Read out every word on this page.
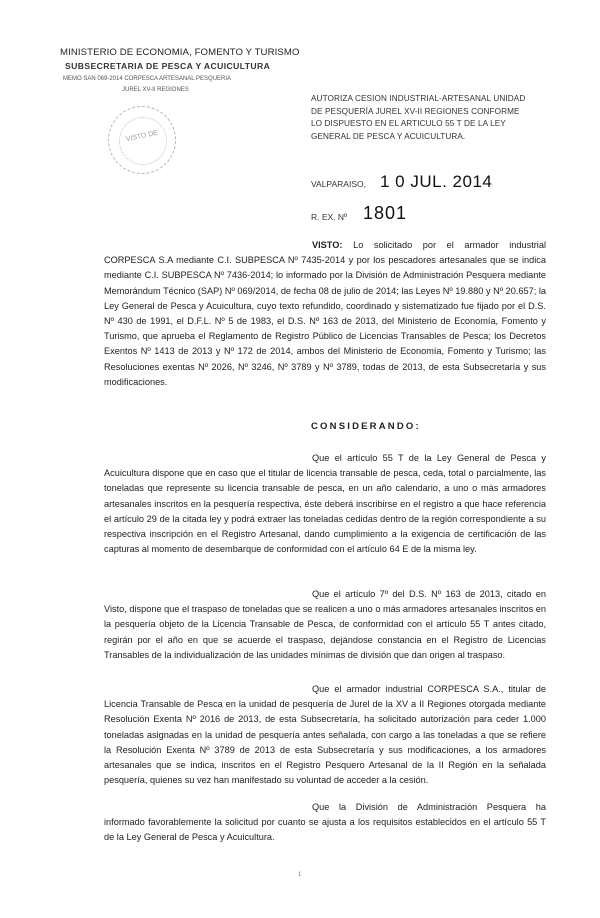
MINISTERIO DE ECONOMIA, FOMENTO Y TURISMO
SUBSECRETARIA DE PESCA Y ACUICULTURA
MEMO SAN 069-2014 CORPESCA ARTESANAL PESQUERIA
JUREL XV-II REGIONES
VISTO DE
AUTORIZA CESION INDUSTRIAL-ARTESANAL UNIDAD DE PESQUERÍA JUREL XV-II REGIONES CONFORME LO DISPUESTO EN EL ARTICULO 55 T DE LA LEY GENERAL DE PESCA Y ACUICULTURA.
VALPARAISO, 1 0 JUL. 2014
R. EX. Nº 1801
VISTO: Lo solicitado por el armador industrial CORPESCA S.A mediante C.I. SUBPESCA Nº 7435-2014 y por los pescadores artesanales que se indica mediante C.I. SUBPESCA Nº 7436-2014; lo informado por la División de Administración Pesquera mediante Memorándum Técnico (SAP) Nº 069/2014, de fecha 08 de julio de 2014; las Leyes Nº 19.880 y Nº 20.657; la Ley General de Pesca y Acuicultura, cuyo texto refundido, coordinado y sistematizado fue fijado por el D.S. Nº 430 de 1991, el D.F.L. Nº 5 de 1983, el D.S. Nº 163 de 2013, del Ministerio de Economía, Fomento y Turismo, que aprueba el Reglamento de Registro Público de Licencias Transables de Pesca; los Decretos Exentos Nº 1413 de 2013 y Nº 172 de 2014, ambos del Ministerio de Economía, Fomento y Turismo; las Resoluciones exentas Nº 2026, Nº 3246, Nº 3789 y Nº 3789, todas de 2013, de esta Subsecretaría y sus modificaciones.
CONSIDERANDO:
Que el artículo 55 T de la Ley General de Pesca y Acuicultura dispone que en caso que el titular de licencia transable de pesca, ceda, total o parcialmente, las toneladas que represente su licencia transable de pesca, en un año calendario, a uno o más armadores artesanales inscritos en la pesquería respectiva, éste deberá inscribirse en el registro a que hace referencia el artículo 29 de la citada ley y podrá extraer las toneladas cedidas dentro de la región correspondiente a su respectiva inscripción en el Registro Artesanal, dando cumplimiento a la exigencia de certificación de las capturas al momento de desembarque de conformidad con el artículo 64 E de la misma ley.
Que el artículo 7º del D.S. Nº 163 de 2013, citado en Visto, dispone que el traspaso de toneladas que se realicen a uno o más armadores artesanales inscritos en la pesquería objeto de la Licencia Transable de Pesca, de conformidad con el artículo 55 T antes citado, regirán por el año en que se acuerde el traspaso, dejándose constancia en el Registro de Licencias Transables de la individualización de las unidades mínimas de división que dan origen al traspaso.
Que el armador industrial CORPESCA S.A., titular de Licencia Transable de Pesca en la unidad de pesquería de Jurel de la XV a II Regiones otorgada mediante Resolución Exenta Nº 2016 de 2013, de esta Subsecretaría, ha solicitado autorización para ceder 1.000 toneladas asignadas en la unidad de pesquería antes señalada, con cargo a las toneladas a que se refiere la Resolución Exenta Nº 3789 de 2013 de esta Subsecretaría y sus modificaciones, a los armadores artesanales que se indica, inscritos en el Registro Pesquero Artesanal de la II Región en la señalada pesquería, quienes su vez han manifestado su voluntad de acceder a la cesión.
Que la División de Administración Pesquera ha informado favorablemente la solicitud por cuanto se ajusta a los requisitos establecidos en el artículo 55 T de la Ley General de Pesca y Acuicultura.
1
